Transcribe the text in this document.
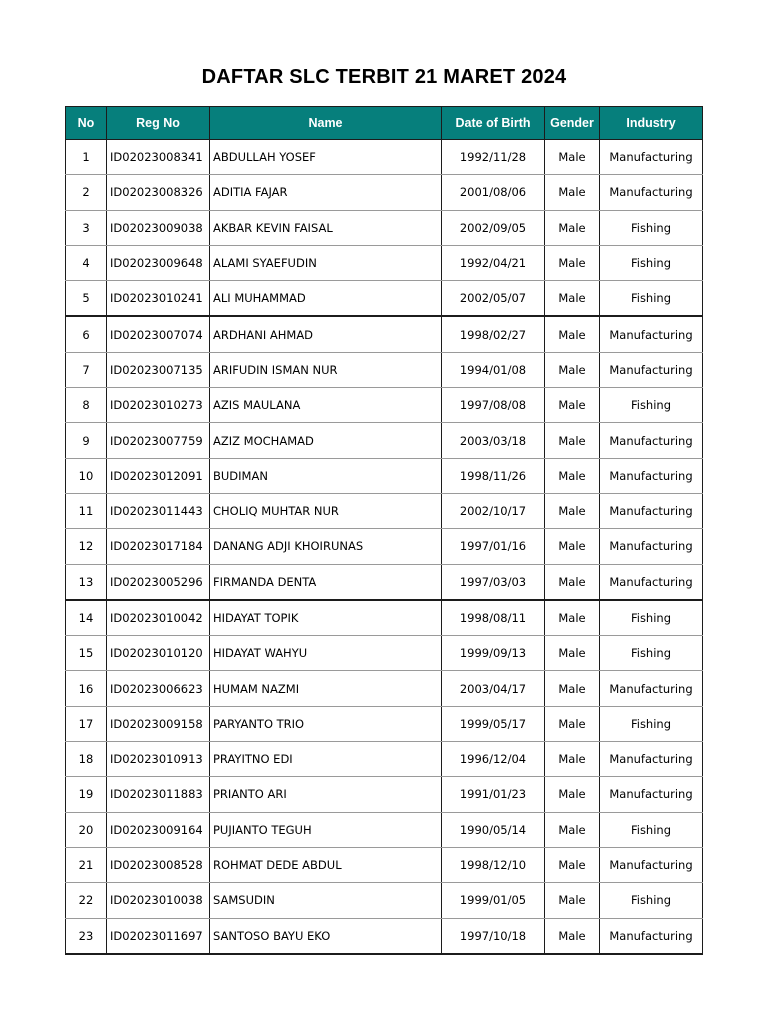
DAFTAR SLC TERBIT 21 MARET 2024
No	Reg No	Name	Date of Birth	Gender	Industry
1	ID02023008341	ABDULLAH YOSEF	1992/11/28	Male	Manufacturing
2	ID02023008326	ADITIA FAJAR	2001/08/06	Male	Manufacturing
3	ID02023009038	AKBAR KEVIN FAISAL	2002/09/05	Male	Fishing
4	ID02023009648	ALAMI SYAEFUDIN	1992/04/21	Male	Fishing
5	ID02023010241	ALI MUHAMMAD	2002/05/07	Male	Fishing
6	ID02023007074	ARDHANI AHMAD	1998/02/27	Male	Manufacturing
7	ID02023007135	ARIFUDIN ISMAN NUR	1994/01/08	Male	Manufacturing
8	ID02023010273	AZIS MAULANA	1997/08/08	Male	Fishing
9	ID02023007759	AZIZ MOCHAMAD	2003/03/18	Male	Manufacturing
10	ID02023012091	BUDIMAN	1998/11/26	Male	Manufacturing
11	ID02023011443	CHOLIQ MUHTAR NUR	2002/10/17	Male	Manufacturing
12	ID02023017184	DANANG ADJI KHOIRUNAS	1997/01/16	Male	Manufacturing
13	ID02023005296	FIRMANDA DENTA	1997/03/03	Male	Manufacturing
14	ID02023010042	HIDAYAT TOPIK	1998/08/11	Male	Fishing
15	ID02023010120	HIDAYAT WAHYU	1999/09/13	Male	Fishing
16	ID02023006623	HUMAM NAZMI	2003/04/17	Male	Manufacturing
17	ID02023009158	PARYANTO TRIO	1999/05/17	Male	Fishing
18	ID02023010913	PRAYITNO EDI	1996/12/04	Male	Manufacturing
19	ID02023011883	PRIANTO ARI	1991/01/23	Male	Manufacturing
20	ID02023009164	PUJIANTO TEGUH	1990/05/14	Male	Fishing
21	ID02023008528	ROHMAT DEDE ABDUL	1998/12/10	Male	Manufacturing
22	ID02023010038	SAMSUDIN	1999/01/05	Male	Fishing
23	ID02023011697	SANTOSO BAYU EKO	1997/10/18	Male	Manufacturing
